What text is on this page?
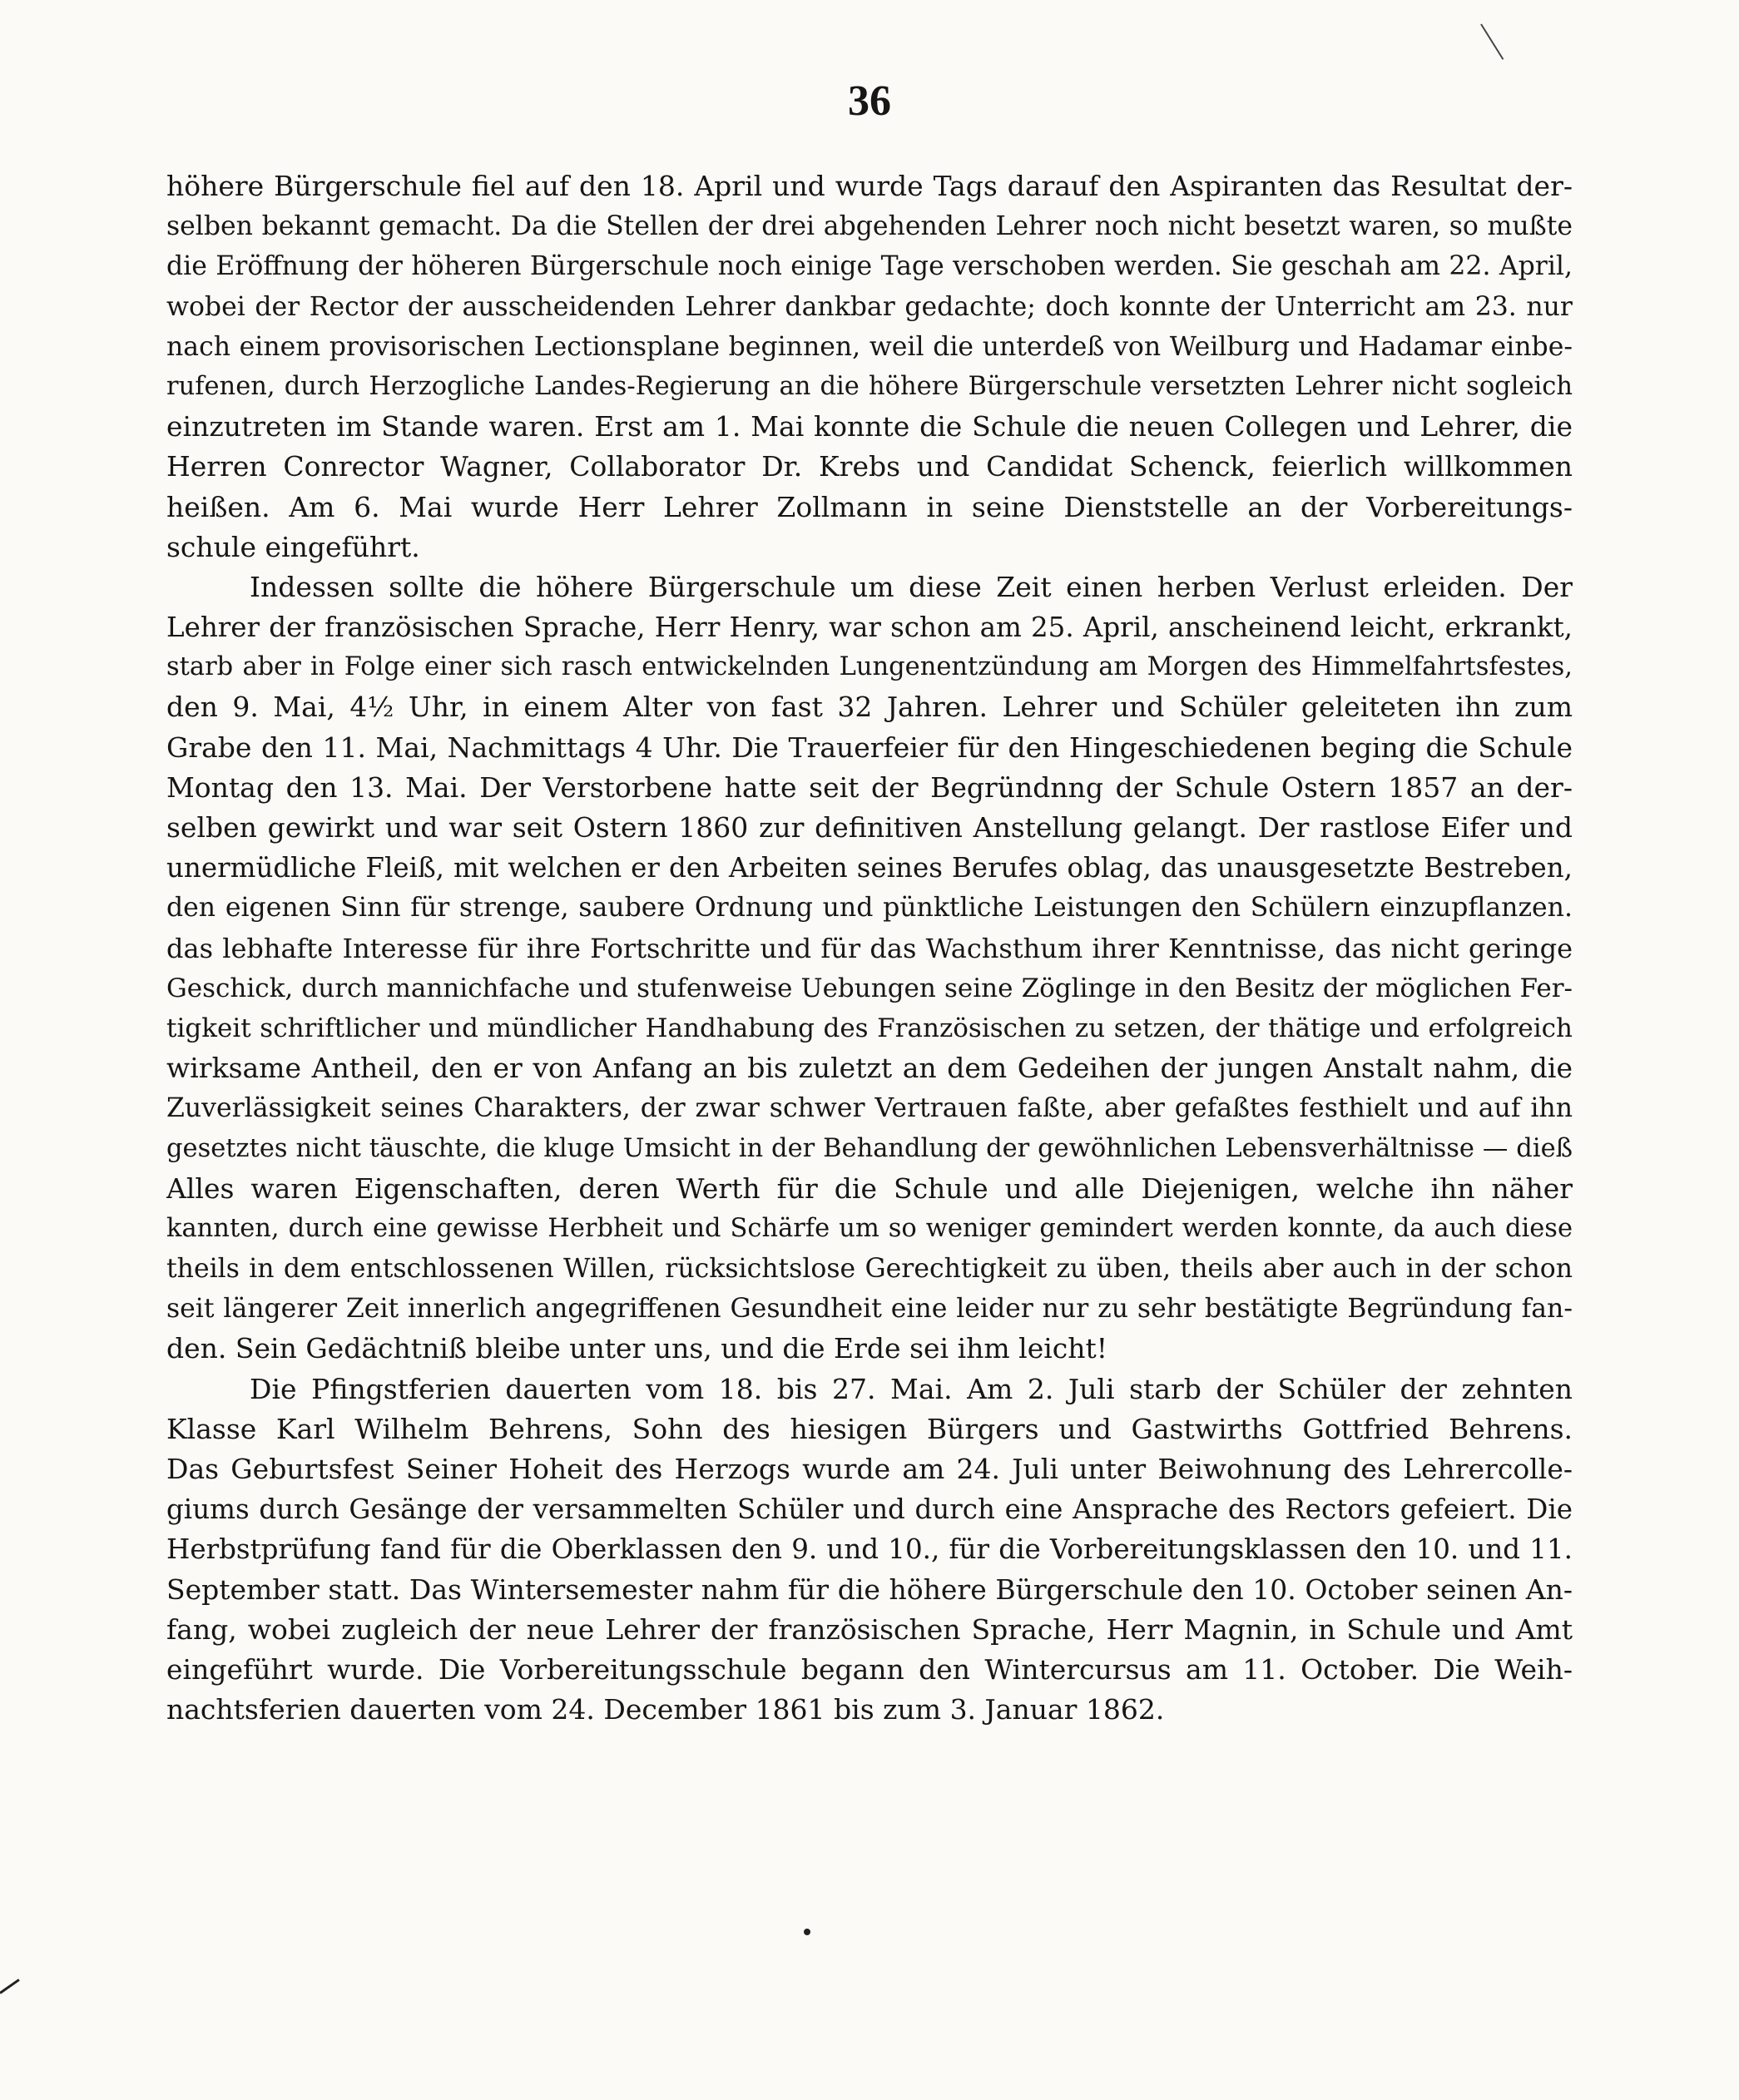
36
höhere Bürgerschule fiel auf den 18. April und wurde Tags darauf den Aspiranten das Resultat der-
selben bekannt gemacht. Da die Stellen der drei abgehenden Lehrer noch nicht besetzt waren, so mußte
die Eröffnung der höheren Bürgerschule noch einige Tage verschoben werden. Sie geschah am 22. April,
wobei der Rector der ausscheidenden Lehrer dankbar gedachte; doch konnte der Unterricht am 23. nur
nach einem provisorischen Lectionsplane beginnen, weil die unterdeß von Weilburg und Hadamar einbe-
rufenen, durch Herzogliche Landes-Regierung an die höhere Bürgerschule versetzten Lehrer nicht sogleich
einzutreten im Stande waren. Erst am 1. Mai konnte die Schule die neuen Collegen und Lehrer, die
Herren Conrector Wagner, Collaborator Dr. Krebs und Candidat Schenck, feierlich willkommen
heißen. Am 6. Mai wurde Herr Lehrer Zollmann in seine Dienststelle an der Vorbereitungs-
schule eingeführt.
Indessen sollte die höhere Bürgerschule um diese Zeit einen herben Verlust erleiden. Der
Lehrer der französischen Sprache, Herr Henry, war schon am 25. April, anscheinend leicht, erkrankt,
starb aber in Folge einer sich rasch entwickelnden Lungenentzündung am Morgen des Himmelfahrtsfestes,
den 9. Mai, 4½ Uhr, in einem Alter von fast 32 Jahren. Lehrer und Schüler geleiteten ihn zum
Grabe den 11. Mai, Nachmittags 4 Uhr. Die Trauerfeier für den Hingeschiedenen beging die Schule
Montag den 13. Mai. Der Verstorbene hatte seit der Begründnng der Schule Ostern 1857 an der-
selben gewirkt und war seit Ostern 1860 zur definitiven Anstellung gelangt. Der rastlose Eifer und
unermüdliche Fleiß, mit welchen er den Arbeiten seines Berufes oblag, das unausgesetzte Bestreben,
den eigenen Sinn für strenge, saubere Ordnung und pünktliche Leistungen den Schülern einzupflanzen.
das lebhafte Interesse für ihre Fortschritte und für das Wachsthum ihrer Kenntnisse, das nicht geringe
Geschick, durch mannichfache und stufenweise Uebungen seine Zöglinge in den Besitz der möglichen Fer-
tigkeit schriftlicher und mündlicher Handhabung des Französischen zu setzen, der thätige und erfolgreich
wirksame Antheil, den er von Anfang an bis zuletzt an dem Gedeihen der jungen Anstalt nahm, die
Zuverlässigkeit seines Charakters, der zwar schwer Vertrauen faßte, aber gefaßtes festhielt und auf ihn
gesetztes nicht täuschte, die kluge Umsicht in der Behandlung der gewöhnlichen Lebensverhältnisse — dieß
Alles waren Eigenschaften, deren Werth für die Schule und alle Diejenigen, welche ihn näher
kannten, durch eine gewisse Herbheit und Schärfe um so weniger gemindert werden konnte, da auch diese
theils in dem entschlossenen Willen, rücksichtslose Gerechtigkeit zu üben, theils aber auch in der schon
seit längerer Zeit innerlich angegriffenen Gesundheit eine leider nur zu sehr bestätigte Begründung fan-
den. Sein Gedächtniß bleibe unter uns, und die Erde sei ihm leicht!
Die Pfingstferien dauerten vom 18. bis 27. Mai. Am 2. Juli starb der Schüler der zehnten
Klasse Karl Wilhelm Behrens, Sohn des hiesigen Bürgers und Gastwirths Gottfried Behrens.
Das Geburtsfest Seiner Hoheit des Herzogs wurde am 24. Juli unter Beiwohnung des Lehrercolle-
giums durch Gesänge der versammelten Schüler und durch eine Ansprache des Rectors gefeiert. Die
Herbstprüfung fand für die Oberklassen den 9. und 10., für die Vorbereitungsklassen den 10. und 11.
September statt. Das Wintersemester nahm für die höhere Bürgerschule den 10. October seinen An-
fang, wobei zugleich der neue Lehrer der französischen Sprache, Herr Magnin, in Schule und Amt
eingeführt wurde. Die Vorbereitungsschule begann den Wintercursus am 11. October. Die Weih-
nachtsferien dauerten vom 24. December 1861 bis zum 3. Januar 1862.
